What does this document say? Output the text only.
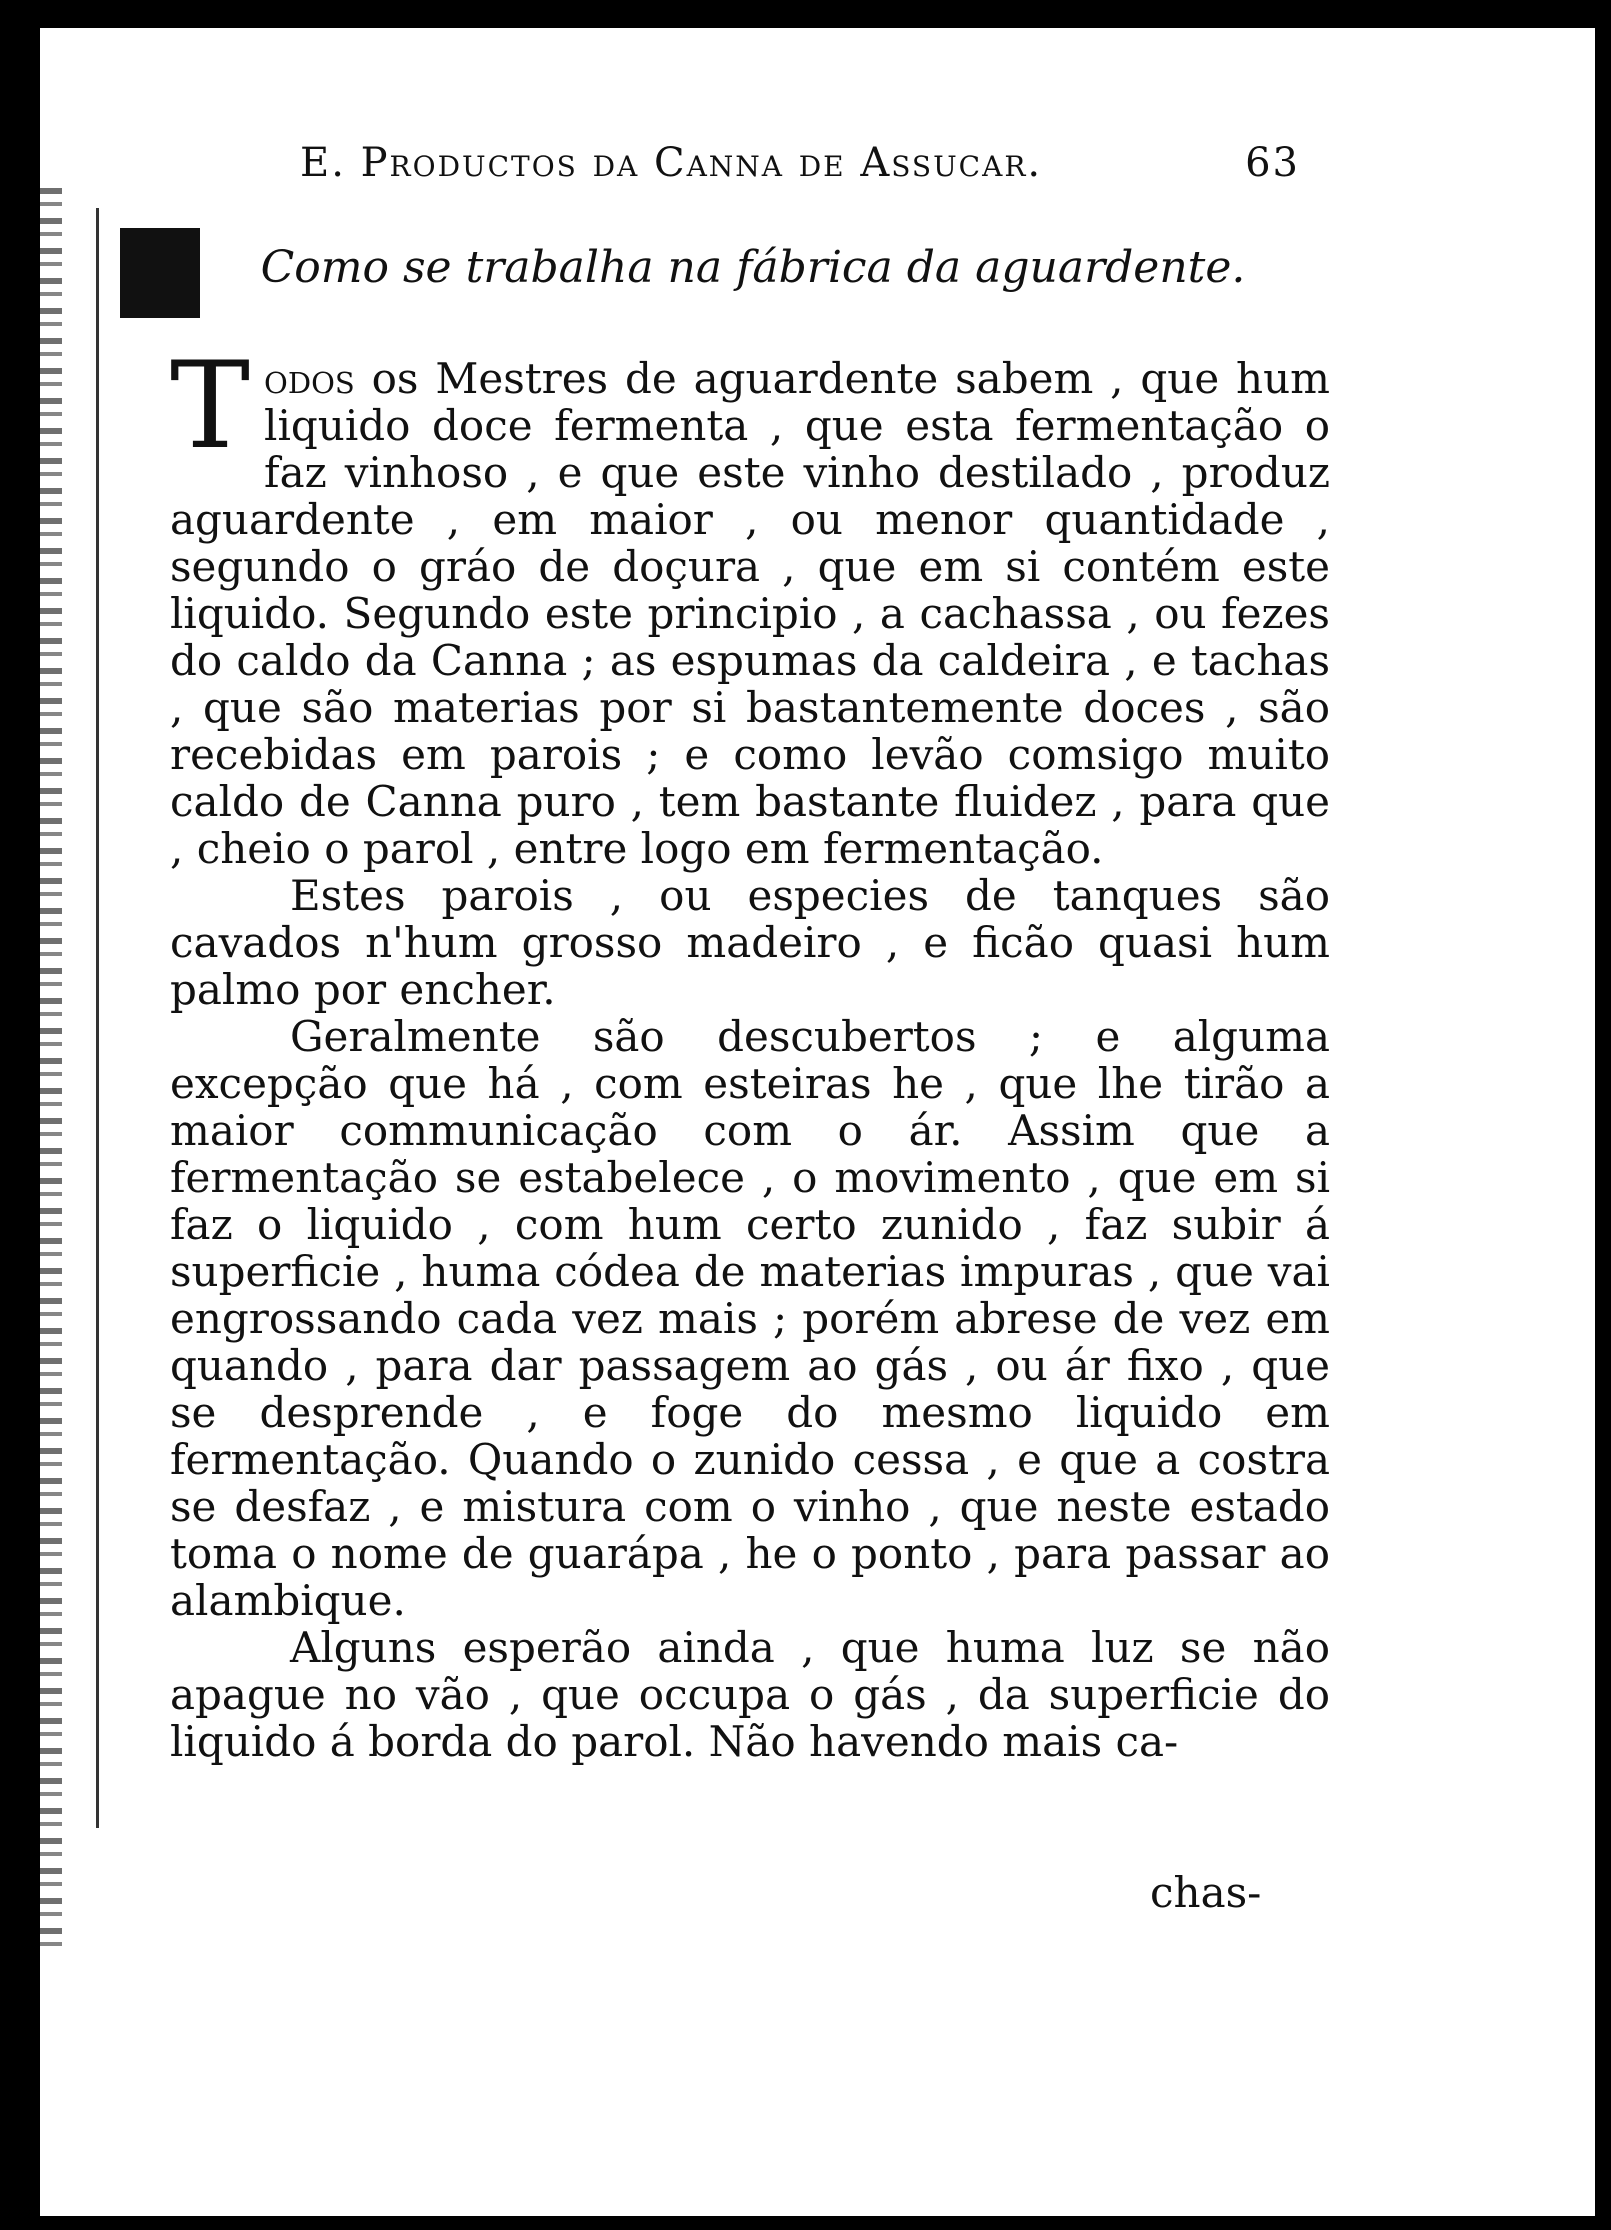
E. Productos da Canna de Assucar.	63
Como se trabalha na fábrica da aguardente.

Todos os Mestres de aguardente sabem , que hum liquido doce fermenta , que esta fermentação o faz vinhoso , e que este vinho destilado , produz aguardente , em maior , ou menor quantidade , segundo o gráo de doçura , que em si contém este liquido. Segundo este principio , a cachassa , ou fezes do caldo da Canna ; as espumas da caldeira , e tachas , que são materias por si bastantemente doces , são recebidas em parois ; e como levão comsigo muito caldo de Canna puro , tem bastante fluidez , para que , cheio o parol , entre logo em fermentação.

Estes parois , ou especies de tanques são cavados n'hum grosso madeiro , e ficão quasi hum palmo por encher.

Geralmente são descubertos ; e alguma excepção que há , com esteiras he , que lhe tirão a maior communicação com o ár. Assim que a fermentação se estabelece , o movimento , que em si faz o liquido , com hum certo zunido , faz subir á superficie , huma códea de materias impuras , que vai engrossando cada vez mais ; porém abrese de vez em quando , para dar passagem ao gás , ou ár fixo , que se desprende , e foge do mesmo liquido em fermentação. Quando o zunido cessa , e que a costra se desfaz , e mistura com o vinho , que neste estado toma o nome de guarápa , he o ponto , para passar ao alambique.

Alguns esperão ainda , que huma luz se não apague no vão , que occupa o gás , da superficie do liquido á borda do parol. Não havendo mais ca-

chas-
